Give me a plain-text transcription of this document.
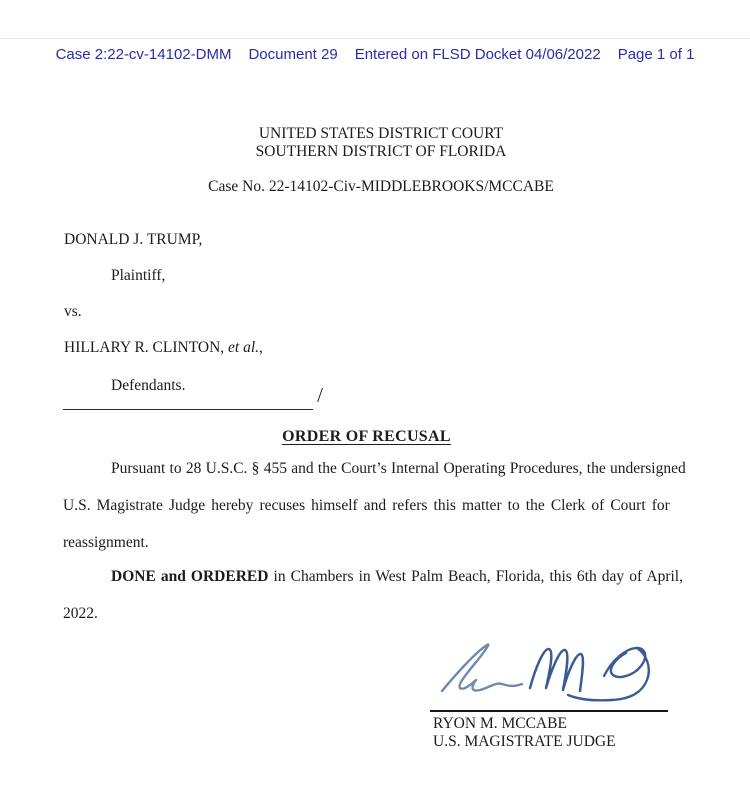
Case 2:22-cv-14102-DMM Document 29 Entered on FLSD Docket 04/06/2022 Page 1 of 1
UNITED STATES DISTRICT COURT
SOUTHERN DISTRICT OF FLORIDA
Case No. 22-14102-Civ-MIDDLEBROOKS/MCCABE
DONALD J. TRUMP,
Plaintiff,
vs.
HILLARY R. CLINTON, et al.,
Defendants.	/
ORDER OF RECUSAL
Pursuant to 28 U.S.C. § 455 and the Court’s Internal Operating Procedures, the undersigned
U.S. Magistrate Judge hereby recuses himself and refers this matter to the Clerk of Court for
reassignment.
DONE and ORDERED in Chambers in West Palm Beach, Florida, this 6th day of April,
2022.
RYON M. MCCABE
U.S. MAGISTRATE JUDGE
